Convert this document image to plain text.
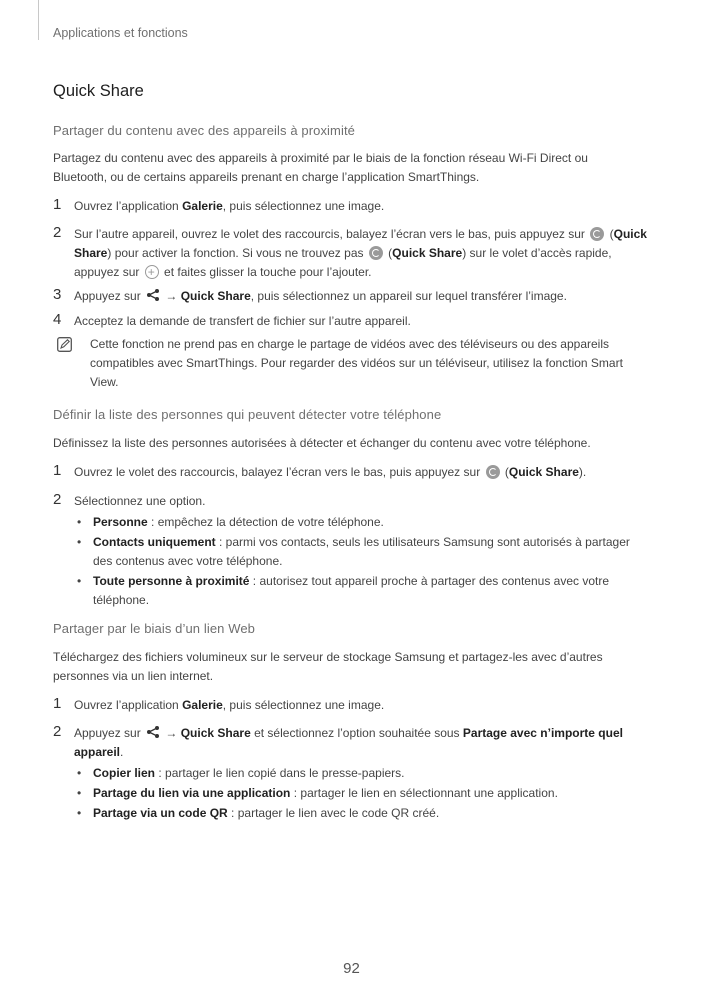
Applications et fonctions
Quick Share
Partager du contenu avec des appareils à proximité

Partagez du contenu avec des appareils à proximité par le biais de la fonction réseau Wi-Fi Direct ou Bluetooth, ou de certains appareils prenant en charge l’application SmartThings.

1 Ouvrez l’application Galerie, puis sélectionnez une image.
2 Sur l’autre appareil, ouvrez le volet des raccourcis, balayez l’écran vers le bas, puis appuyez sur  (Quick Share) pour activer la fonction. Si vous ne trouvez pas  (Quick Share) sur le volet d’accès rapide, appuyez sur + et faites glisser la touche pour l’ajouter.
3 Appuyez sur  → Quick Share, puis sélectionnez un appareil sur lequel transférer l’image.
4 Acceptez la demande de transfert de fichier sur l’autre appareil.

Cette fonction ne prend pas en charge le partage de vidéos avec des téléviseurs ou des appareils compatibles avec SmartThings. Pour regarder des vidéos sur un téléviseur, utilisez la fonction Smart View.

Définir la liste des personnes qui peuvent détecter votre téléphone

Définissez la liste des personnes autorisées à détecter et échanger du contenu avec votre téléphone.

1 Ouvrez le volet des raccourcis, balayez l’écran vers le bas, puis appuyez sur  (Quick Share).
2 Sélectionnez une option.
• Personne : empêchez la détection de votre téléphone.
• Contacts uniquement : parmi vos contacts, seuls les utilisateurs Samsung sont autorisés à partager des contenus avec votre téléphone.
• Toute personne à proximité : autorisez tout appareil proche à partager des contenus avec votre téléphone.
Partager par le biais d’un lien Web

Téléchargez des fichiers volumineux sur le serveur de stockage Samsung et partagez-les avec d’autres personnes via un lien internet.

1 Ouvrez l’application Galerie, puis sélectionnez une image.
2 Appuyez sur  → Quick Share et sélectionnez l’option souhaitée sous Partage avec n’importe quel appareil.
• Copier lien : partager le lien copié dans le presse-papiers.
• Partage du lien via une application : partager le lien en sélectionnant une application.
• Partage via un code QR : partager le lien avec le code QR créé.
92
